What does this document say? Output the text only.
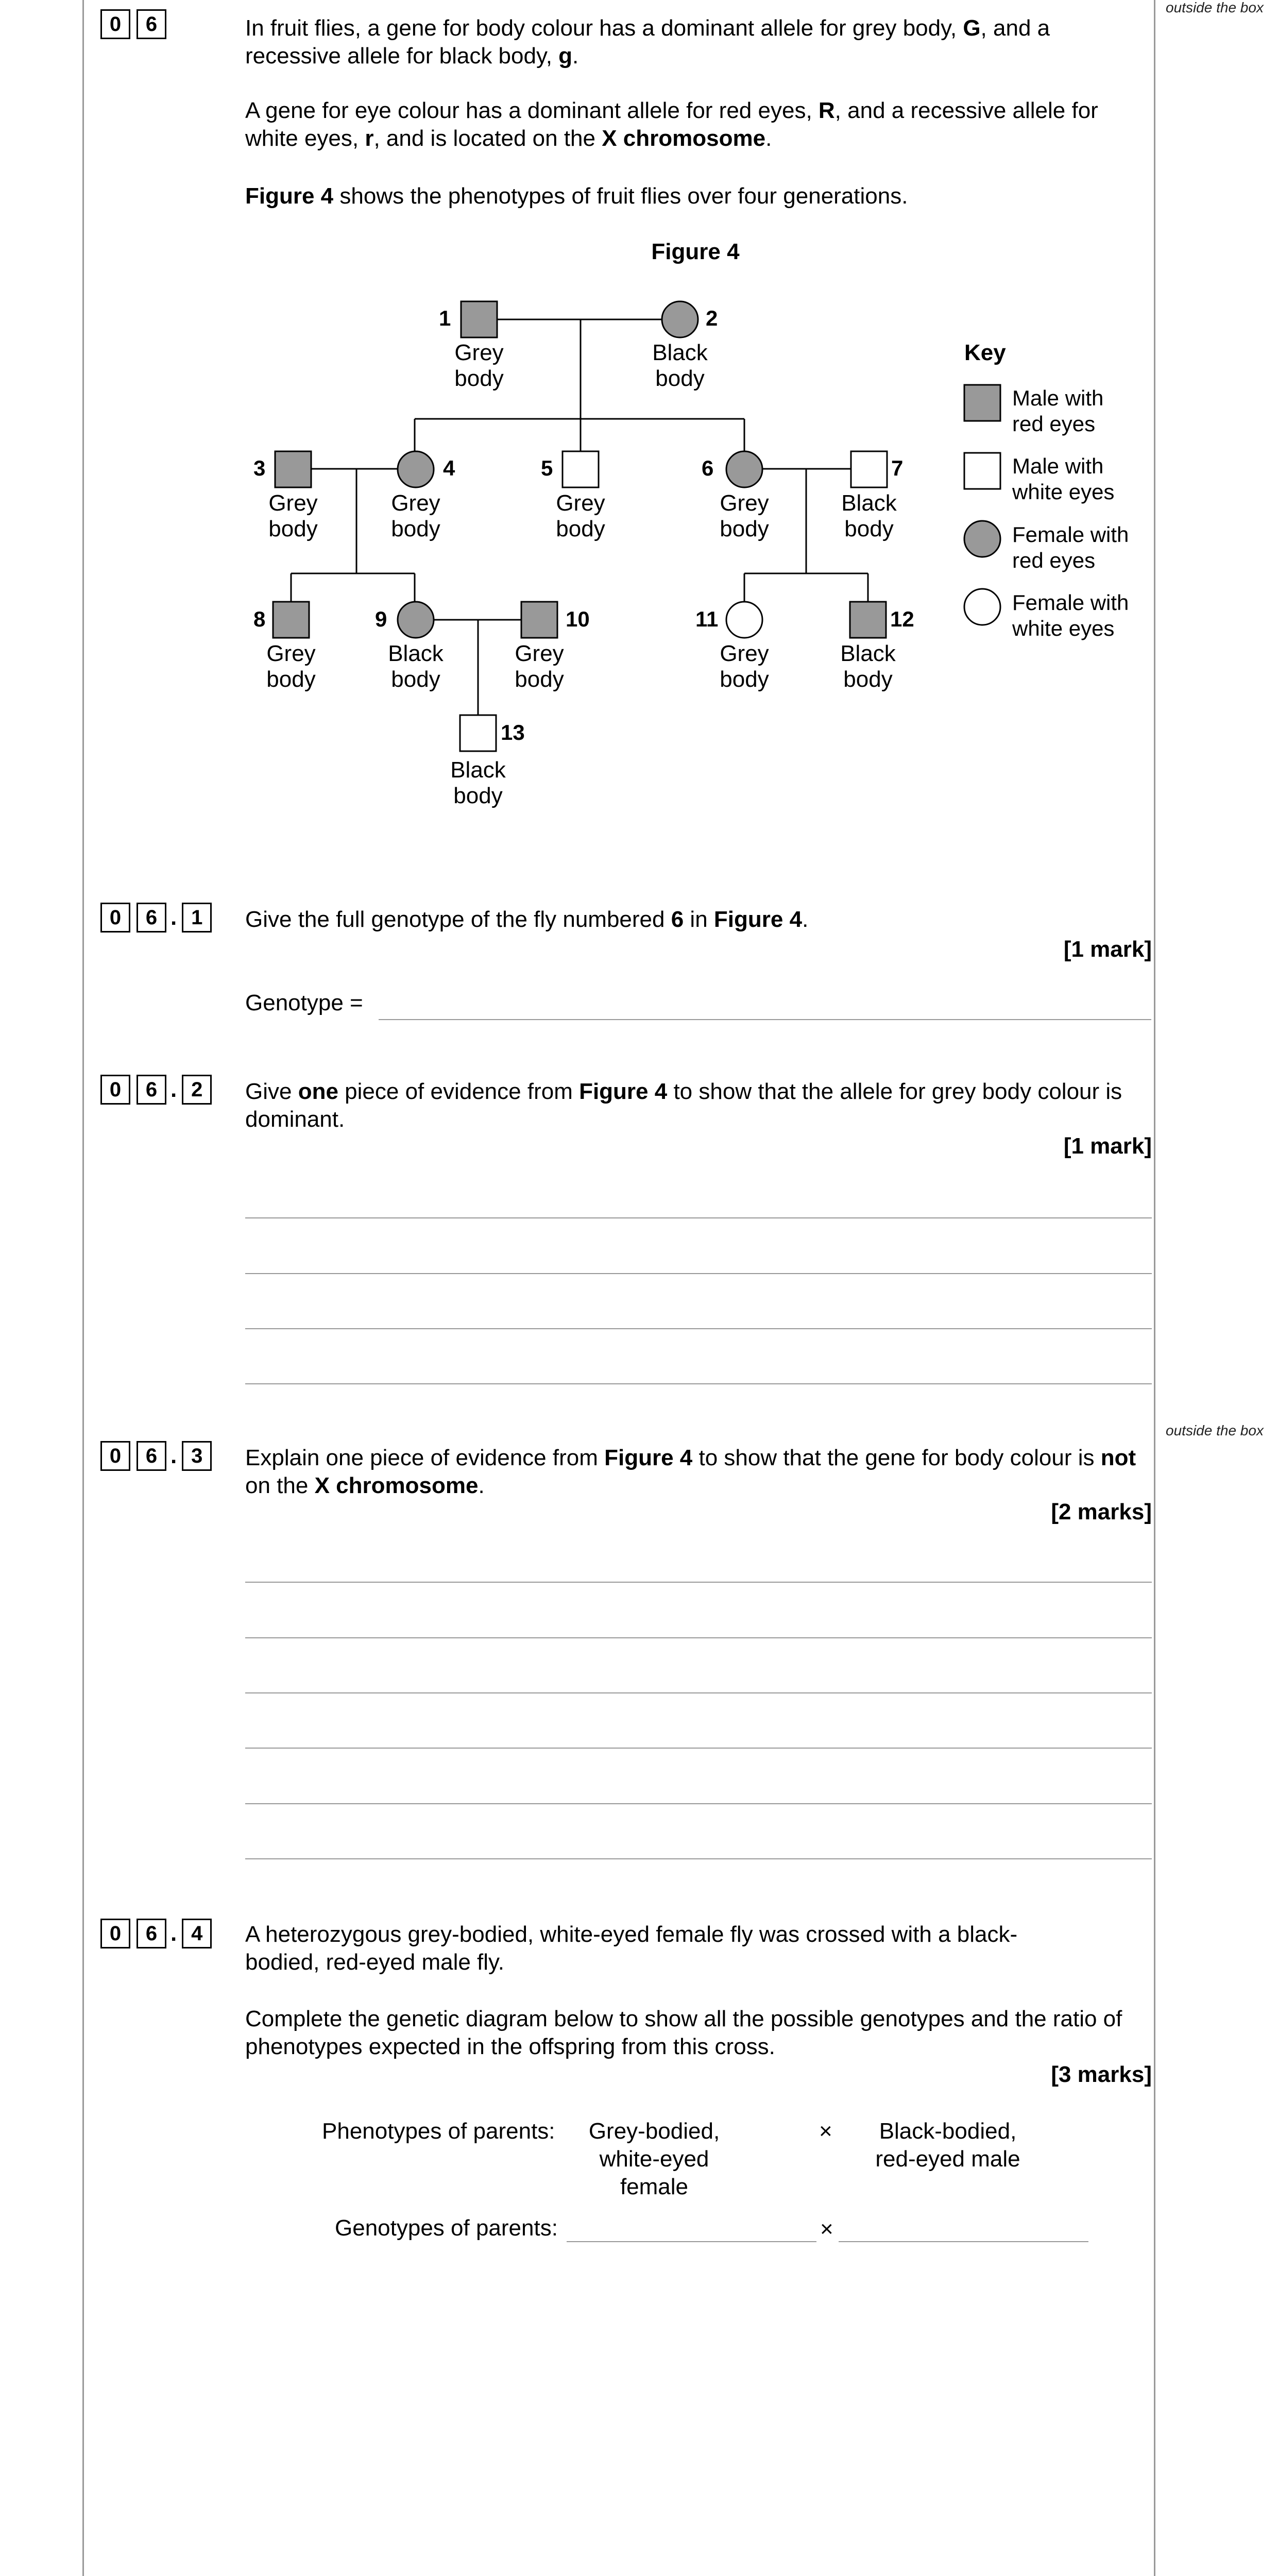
outside the box
outside the box
0	6	In fruit flies, a gene for body colour has a dominant allele for grey body, G, and a recessive allele for black body, g.
A gene for eye colour has a dominant allele for red eyes, R, and a recessive allele for white eyes, r, and is located on the X chromosome.
Figure 4 shows the phenotypes of fruit flies over four generations.
Figure 4
1	2
3	4	5	6	7
8	9	10	11	12
13
Grey body
Black body
Grey body
Grey body
Grey body
Grey body
Black body
Grey body
Black body
Grey body
Grey body
Black body
Black body
Key
Male with
red eyes
Male with
white eyes
Female with
red eyes
Female with
white eyes
0	6 . 1	Give the full genotype of the fly numbered 6 in Figure 4.
[1 mark]
Genotype =
0	6 . 2	Give one piece of evidence from Figure 4 to show that the allele for grey body colour is dominant.
[1 mark]
0	6 . 3	Explain one piece of evidence from Figure 4 to show that the gene for body colour is not on the X chromosome.
[2 marks]
0	6 . 4	A heterozygous grey-bodied, white-eyed female fly was crossed with a black-bodied, red-eyed male fly.
Complete the genetic diagram below to show all the possible genotypes and the ratio of phenotypes expected in the offspring from this cross.
[3 marks]
Phenotypes of parents:	Grey-bodied,
white-eyed female
×	Black-bodied,
red-eyed male
Genotypes of parents:	×
